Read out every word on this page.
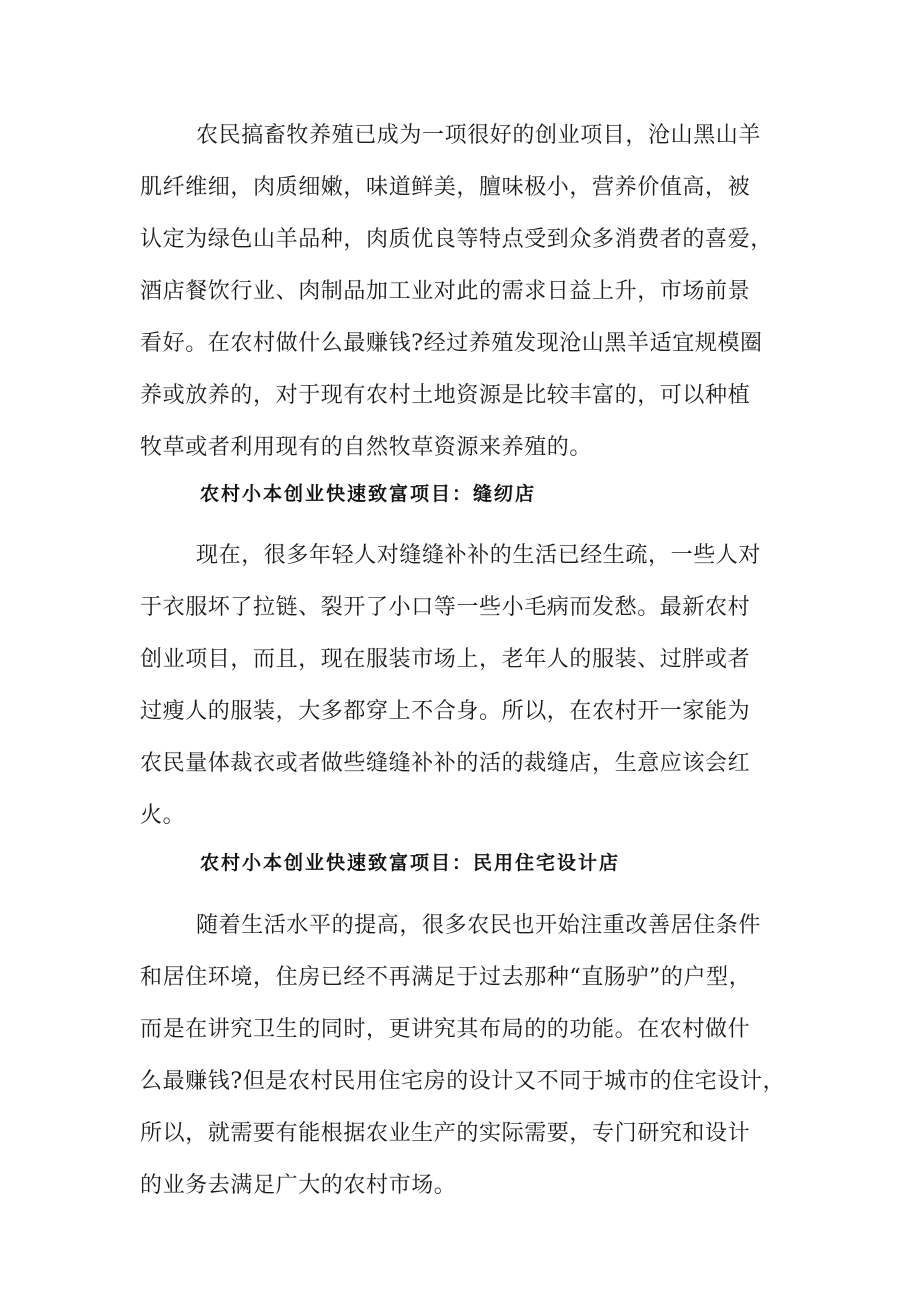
农民搞畜牧养殖已成为一项很好的创业项目，沧山黑山羊
肌纤维细，肉质细嫩，味道鲜美，膻味极小，营养价值高，被
认定为绿色山羊品种，肉质优良等特点受到众多消费者的喜爱，
酒店餐饮行业、肉制品加工业对此的需求日益上升，市场前景
看好。在农村做什么最赚钱?经过养殖发现沧山黑羊适宜规模圈
养或放养的，对于现有农村土地资源是比较丰富的，可以种植
牧草或者利用现有的自然牧草资源来养殖的。
农村小本创业快速致富项目：缝纫店
现在，很多年轻人对缝缝补补的生活已经生疏，一些人对
于衣服坏了拉链、裂开了小口等一些小毛病而发愁。最新农村
创业项目，而且，现在服装市场上，老年人的服装、过胖或者
过瘦人的服装，大多都穿上不合身。所以，在农村开一家能为
农民量体裁衣或者做些缝缝补补的活的裁缝店，生意应该会红
火。
农村小本创业快速致富项目：民用住宅设计店
随着生活水平的提高，很多农民也开始注重改善居住条件
和居住环境，住房已经不再满足于过去那种“直肠驴”的户型，
而是在讲究卫生的同时，更讲究其布局的的功能。在农村做什
么最赚钱?但是农村民用住宅房的设计又不同于城市的住宅设计，
所以，就需要有能根据农业生产的实际需要，专门研究和设计
的业务去满足广大的农村市场。
